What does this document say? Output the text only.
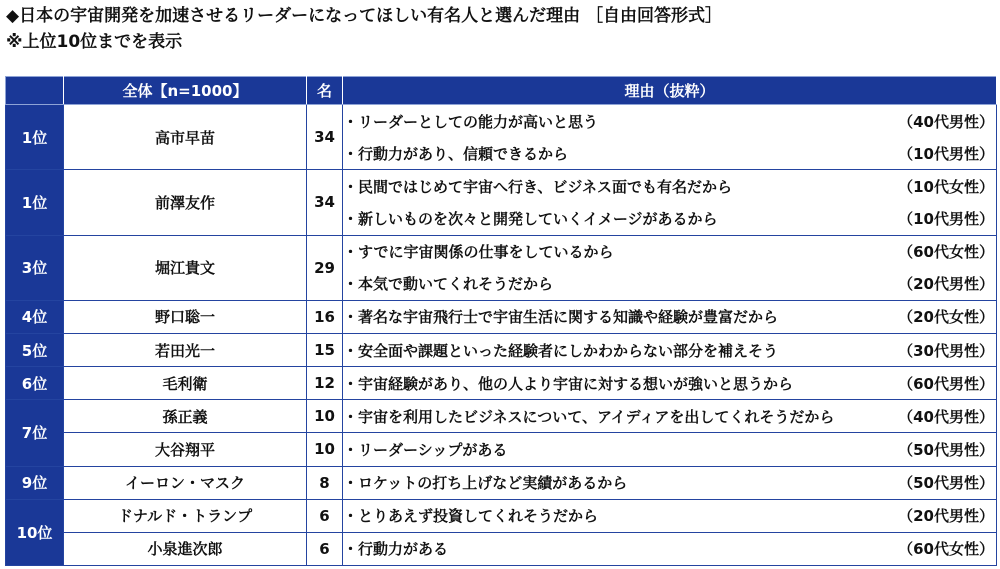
◆日本の宇宙開発を加速させるリーダーになってほしい有名人と選んだ理由 ［自由回答形式］
※上位10位までを表示
	全体【n=1000】	名	理由（抜粋）
1位	高市早苗	34	・リーダーとしての能力が高いと思う （40代男性）
・行動力があり、信頼できるから （10代男性）

1位	前澤友作	34	・民間ではじめて宇宙へ行き、ビジネス面でも有名だから （10代女性）
・新しいものを次々と開発していくイメージがあるから （10代男性）

3位	堀江貴文	29	・すでに宇宙関係の仕事をしているから （60代女性）
・本気で動いてくれそうだから （20代男性）

4位	野口聡一	16	・著名な宇宙飛行士で宇宙生活に関する知識や経験が豊富だから （20代女性）

5位	若田光一	15	・安全面や課題といった経験者にしかわからない部分を補えそう （30代男性）

6位	毛利衛	12	・宇宙経験があり、他の人より宇宙に対する想いが強いと思うから （60代男性）

7位	孫正義	10	・宇宙を利用したビジネスについて、アイディアを出してくれそうだから （40代男性）

	大谷翔平	10	・リーダーシップがある （50代男性）

9位	イーロン・マスク	8	・ロケットの打ち上げなど実績があるから （50代男性）

10位	ドナルド・トランプ	6	・とりあえず投資してくれそうだから （20代男性）

	小泉進次郎	6	・行動力がある （60代女性）
